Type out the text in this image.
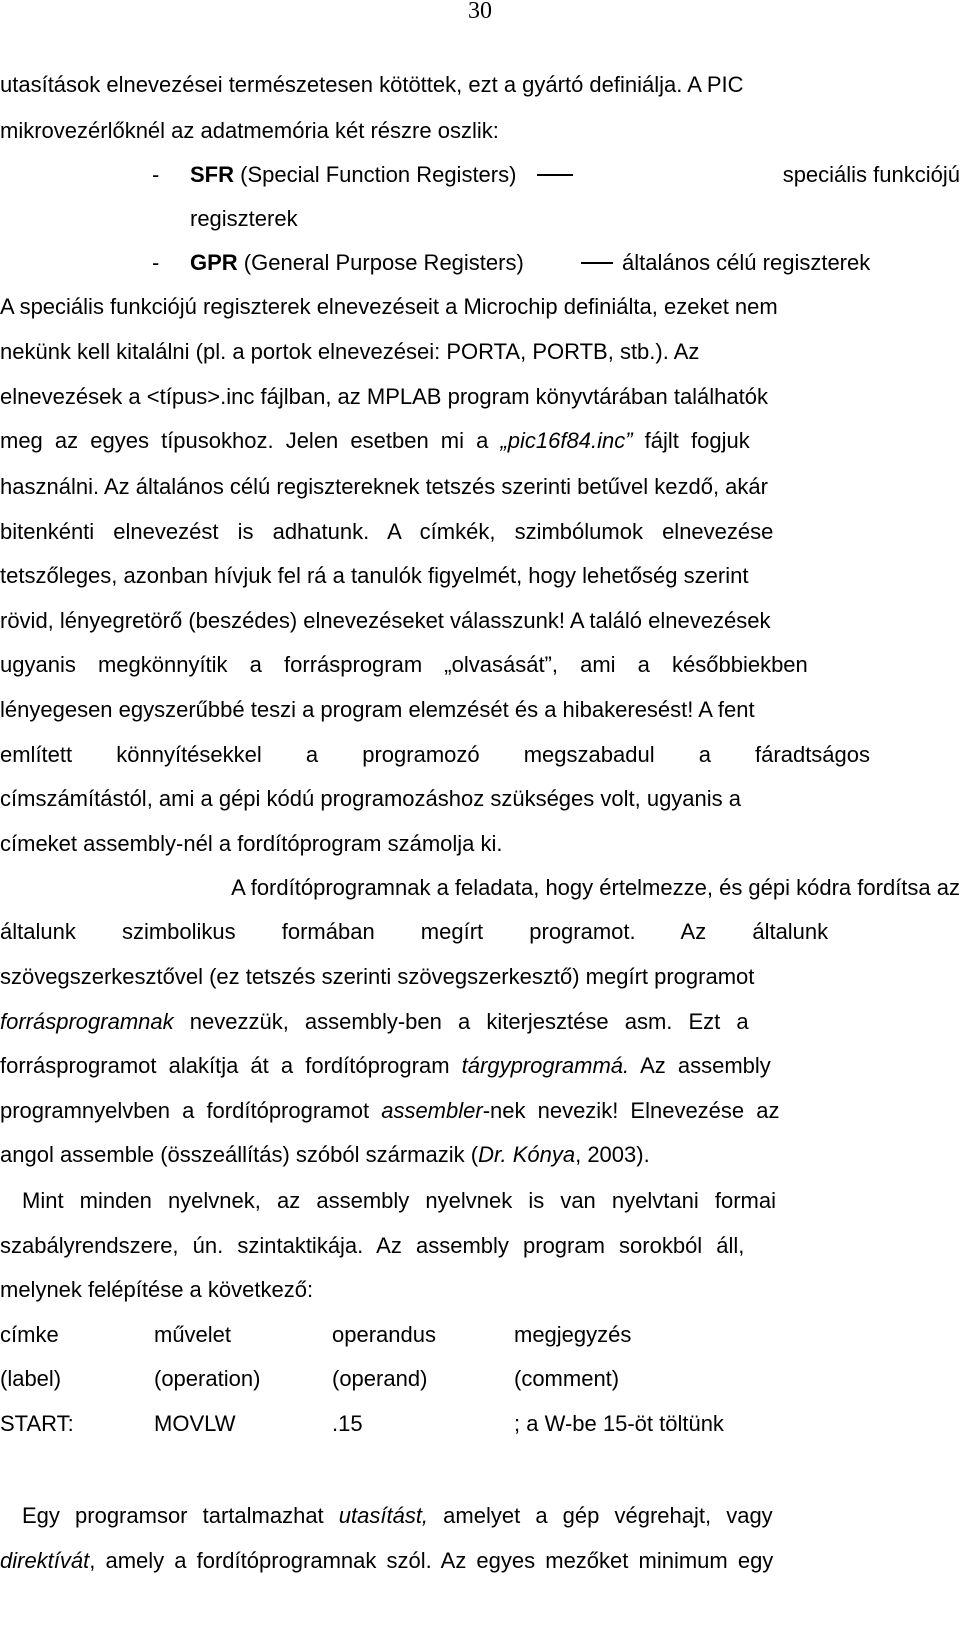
30
utasítások elnevezései természetesen kötöttek, ezt a gyártó definiálja. A PIC
mikrovezérlőknél az adatmemória két részre oszlik:
- SFR (Special Function Registers)	speciális funkciójú
regiszterek
- GPR (General Purpose Registers)	általános célú regiszterek
A speciális funkciójú regiszterek elnevezéseit a Microchip definiálta, ezeket nem
nekünk kell kitalálni (pl. a portok elnevezései: PORTA, PORTB, stb.). Az
elnevezések a <típus>.inc fájlban, az MPLAB program könyvtárában találhatók
meg az egyes típusokhoz. Jelen esetben mi a „pic16f84.inc” fájlt fogjuk
használni. Az általános célú regisztereknek tetszés szerinti betűvel kezdő, akár
bitenkénti elnevezést is adhatunk. A címkék, szimbólumok elnevezése
tetszőleges, azonban hívjuk fel rá a tanulók figyelmét, hogy lehetőség szerint
rövid, lényegretörő (beszédes) elnevezéseket válasszunk! A találó elnevezések
ugyanis megkönnyítik a forrásprogram „olvasását”, ami a későbbiekben
lényegesen egyszerűbbé teszi a program elemzését és a hibakeresést! A fent
említett könnyítésekkel a programozó megszabadul a fáradtságos
címszámítástól, ami a gépi kódú programozáshoz szükséges volt, ugyanis a
címeket assembly-nél a fordítóprogram számolja ki.
A fordítóprogramnak a feladata, hogy értelmezze, és gépi kódra fordítsa az
általunk szimbolikus formában megírt programot. Az általunk
szövegszerkesztővel (ez tetszés szerinti szövegszerkesztő) megírt programot
forrásprogramnak nevezzük, assembly-ben a kiterjesztése asm. Ezt a
forrásprogramot alakítja át a fordítóprogram tárgyprogrammá. Az assembly
programnyelvben a fordítóprogramot assembler-nek nevezik! Elnevezése az
angol assemble (összeállítás) szóból származik (Dr. Kónya, 2003).
Mint minden nyelvnek, az assembly nyelvnek is van nyelvtani formai
szabályrendszere, ún. szintaktikája. Az assembly program sorokból áll,
melynek felépítése a következő:
címke	művelet	operandus	megjegyzés
(label)	(operation)	(operand)	(comment)
START:	MOVLW	.15	; a W-be 15-öt töltünk
Egy programsor tartalmazhat utasítást, amelyet a gép végrehajt, vagy
direktívát, amely a fordítóprogramnak szól. Az egyes mezőket minimum egy
